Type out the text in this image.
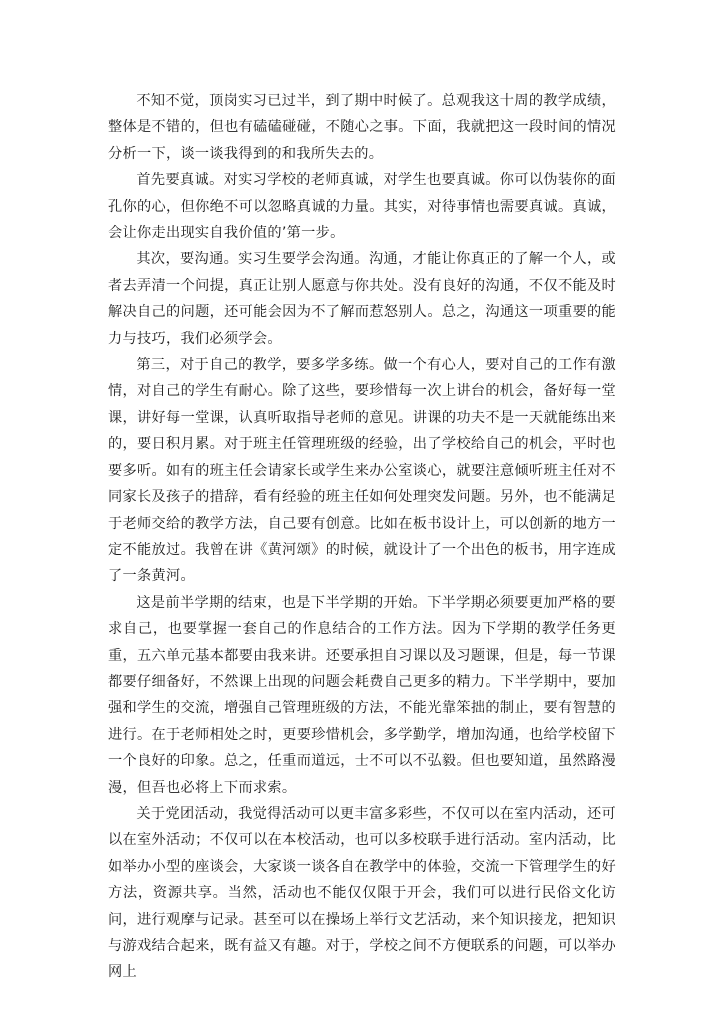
不知不觉，顶岗实习已过半，到了期中时候了。总观我这十周的教学成绩，整体是不错的，但也有磕磕碰碰，不随心之事。下面，我就把这一段时间的情况分析一下，谈一谈我得到的和我所失去的。

首先要真诚。对实习学校的老师真诚，对学生也要真诚。你可以伪装你的面孔你的心，但你绝不可以忽略真诚的力量。其实，对待事情也需要真诚。真诚，会让你走出现实自我价值的’第一步。

其次，要沟通。实习生要学会沟通。沟通，才能让你真正的了解一个人，或者去弄清一个问提，真正让别人愿意与你共处。没有良好的沟通，不仅不能及时解决自己的问题，还可能会因为不了解而惹怒别人。总之，沟通这一项重要的能力与技巧，我们必须学会。

第三，对于自己的教学，要多学多练。做一个有心人，要对自己的工作有激情，对自己的学生有耐心。除了这些，要珍惜每一次上讲台的机会，备好每一堂课，讲好每一堂课，认真听取指导老师的意见。讲课的功夫不是一天就能练出来的，要日积月累。对于班主任管理班级的经验，出了学校给自己的机会，平时也要多听。如有的班主任会请家长或学生来办公室谈心，就要注意倾听班主任对不同家长及孩子的措辞，看有经验的班主任如何处理突发问题。另外，也不能满足于老师交给的教学方法，自己要有创意。比如在板书设计上，可以创新的地方一定不能放过。我曾在讲《黄河颂》的时候，就设计了一个出色的板书，用字连成了一条黄河。

这是前半学期的结束，也是下半学期的开始。下半学期必须要更加严格的要求自己，也要掌握一套自己的作息结合的工作方法。因为下学期的教学任务更重，五六单元基本都要由我来讲。还要承担自习课以及习题课，但是，每一节课都要仔细备好，不然课上出现的问题会耗费自己更多的精力。下半学期中，要加强和学生的交流，增强自己管理班级的方法，不能光靠笨拙的制止，要有智慧的进行。在于老师相处之时，更要珍惜机会，多学勤学，增加沟通，也给学校留下一个良好的印象。总之，任重而道远，士不可以不弘毅。但也要知道，虽然路漫漫，但吾也必将上下而求索。

关于党团活动，我觉得活动可以更丰富多彩些，不仅可以在室内活动，还可以在室外活动；不仅可以在本校活动，也可以多校联手进行活动。室内活动，比如举办小型的座谈会，大家谈一谈各自在教学中的体验，交流一下管理学生的好方法，资源共享。当然，活动也不能仅仅限于开会，我们可以进行民俗文化访问，进行观摩与记录。甚至可以在操场上举行文艺活动，来个知识接龙，把知识与游戏结合起来，既有益又有趣。对于，学校之间不方便联系的问题，可以举办网上
